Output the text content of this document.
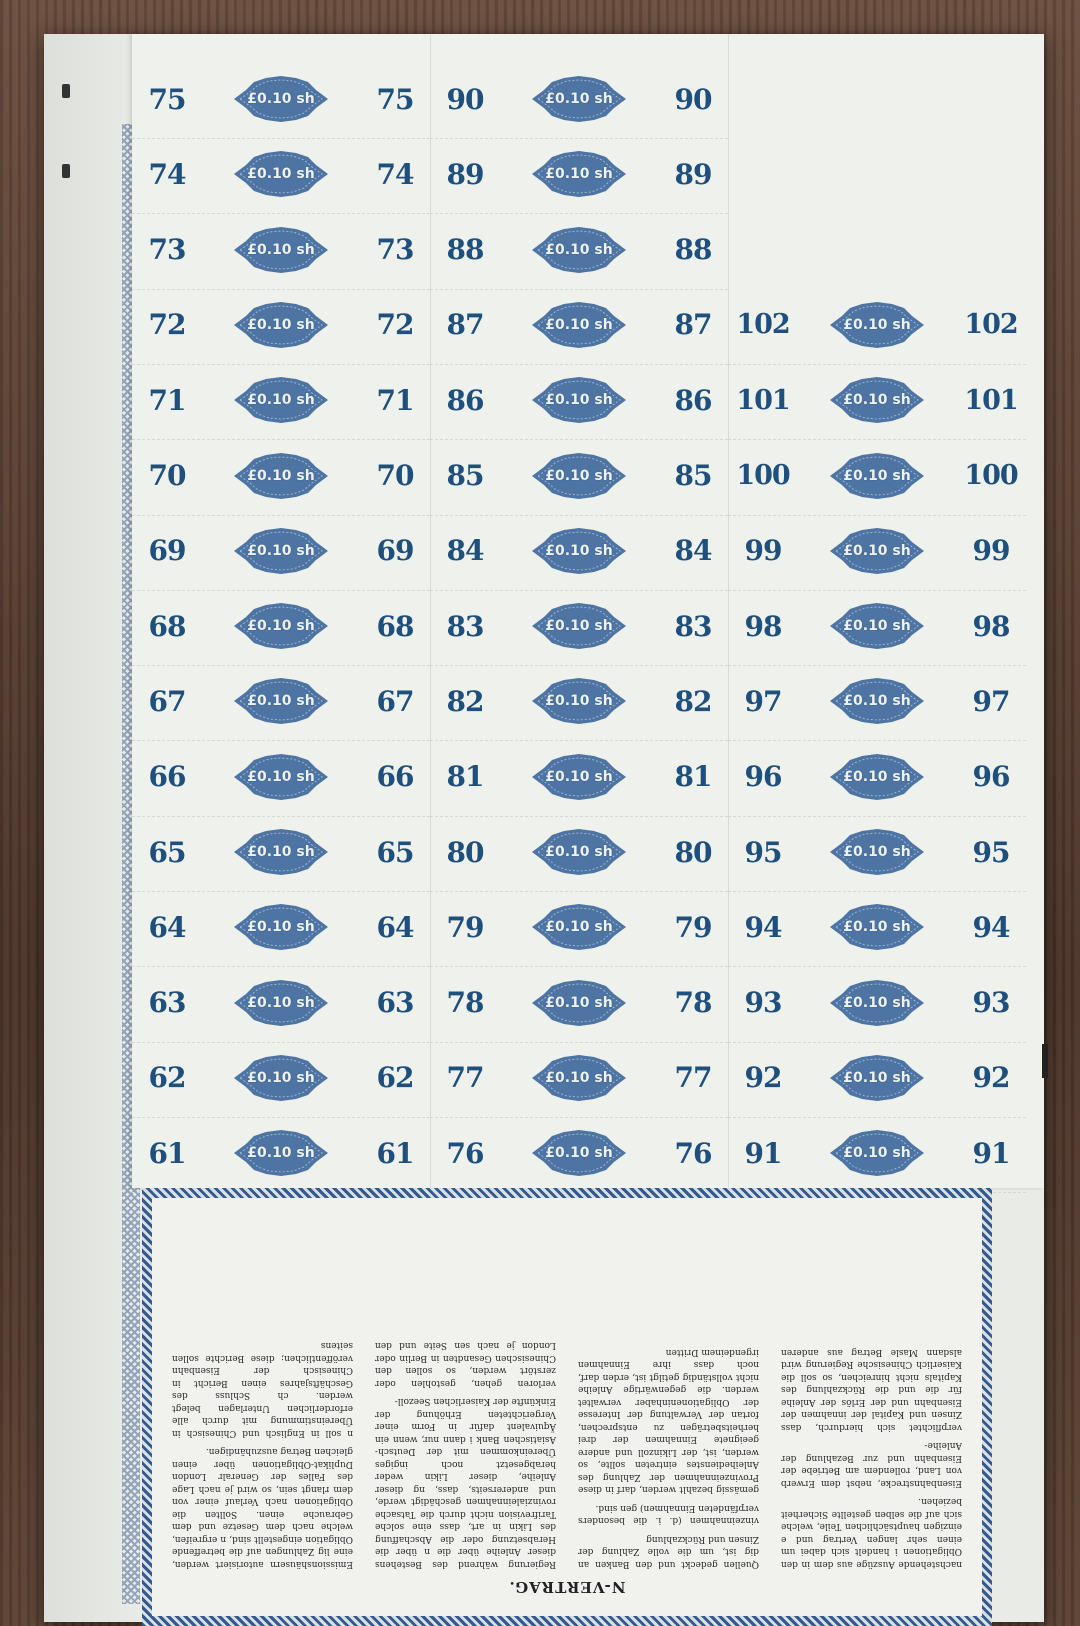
75	£0.10 sh	75
74	£0.10 sh	74
73	£0.10 sh	73
72	£0.10 sh	72
71	£0.10 sh	71
70	£0.10 sh	70
69	£0.10 sh	69
68	£0.10 sh	68
67	£0.10 sh	67
66	£0.10 sh	66
65	£0.10 sh	65
64	£0.10 sh	64
63	£0.10 sh	63
62	£0.10 sh	62
61	£0.10 sh	61
90	£0.10 sh	90
89	£0.10 sh	89
88	£0.10 sh	88
87	£0.10 sh	87
86	£0.10 sh	86
85	£0.10 sh	85
84	£0.10 sh	84
83	£0.10 sh	83
82	£0.10 sh	82
81	£0.10 sh	81
80	£0.10 sh	80
79	£0.10 sh	79
78	£0.10 sh	78
77	£0.10 sh	77
76	£0.10 sh	76
102	£0.10 sh	102
101	£0.10 sh	101
100	£0.10 sh	100
99	£0.10 sh	99
98	£0.10 sh	98
97	£0.10 sh	97
96	£0.10 sh	96
95	£0.10 sh	95
94	£0.10 sh	94
93	£0.10 sh	93
92	£0.10 sh	92
91	£0.10 sh	91
N-VERTRAG.

nachstehende Auszüge aus dem in den Obligationen i handelt sich dabei um einen sehr langen Vertrag und e einzigen hauptsächlichen Teile, welche sich auf die selben gestellte Sicherheit beziehen.

Eisenbahnstrecke, nebst dem Erwerb von Land, rollendem am Betriebe der Eisenbahn und zur Bezahlung der Anleihe-

verpflichtet sich hierdurch, dass Zinsen und Kapital der innahmen der Eisenbahn und der Erlös der Anleihe für die und die Rückzahlung des Kapitals nicht hinreichen, so soll die Kaiserlich Chinesische Regierung wird alsdann Masle Betrag aus anderen Quellen gedeckt und den Banken an dig ist, um die volle Zahlung der Zinsen und Rückzahlung

vinzeinnahmen (d. i. die besonders verpfändeten Einnahmen) gen sind.

gemässig bezahlt werden, darf in diese Provinzeinnahmen der Zahlung des Anleihedienstes eintreten sollte, so werden, ist, der Likinzoll und andere geeignete Einnahmen der drei herheitsbeträgen zu entsprechen, fortan der Verwaltung der Interesse der Obligationeninhaber verwaltet werden. die gegenwärtige Anleihe nicht vollständig getilgt ist, erden darf, noch dass ihre Einnahmen irgendeinem Dritten

Regierung während des Bestehens dieser Anleihe über die n über die Herabsetzung oder die Abschaffung des Likin in art, dass eine solche Tarifrevision nicht durch die Tatsache rovinzialeinnahmen geschädigt werde, und andererseits, dass, ng dieser Anleihe, dieser Likin weder herabgesetzt noch ingiges Übereinkommen mit der Deutsch-Asiatischen Bank i dann nur, wenn ein Äquivalent dafür in Form einer Vergerichteten Erhöhung der Einkünfte der Kaiserlichen Seezoll-

verloren gehen, gestohlen oder zerstört werden, so sollen den Chinesischen Gesandten in Berlin oder London je nach sen Seite und den Emissionshäusern autorisiert werden, eine lig Zahlungen auf die betreffende Obligation eingestellt sind, n ergreifen, welche nach dem Gesetze und dem Gebrauche einen. Sollten die Obligationen nach Verlauf einer von dem rlangt sein, so wird je nach Lage des Falles der Generalr London Duplikat-Obligationen über einen gleichen Betrag auszuhändigen.

n soll in Englisch und Chinesisch in Übereinstimmung mit durch alle erforderlichen Unterlagen belegt werden. ch Schluss des Geschäftsjahres einen Bericht in Chinesisch der Eisenbahn veröffentlichen; diese Berichte sollen seitens
